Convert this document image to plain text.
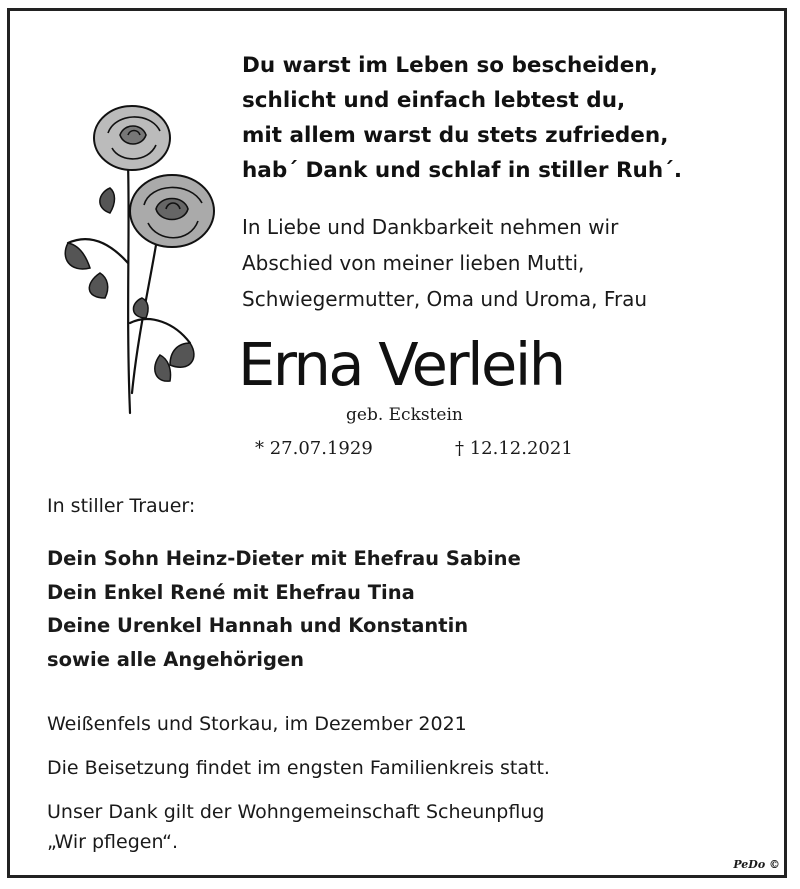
Du warst im Leben so bescheiden,
schlicht und einfach lebtest du,
mit allem warst du stets zufrieden,
hab´ Dank und schlaf in stiller Ruh´.
In Liebe und Dankbarkeit nehmen wir
Abschied von meiner lieben Mutti,
Schwiegermutter, Oma und Uroma, Frau
Erna Verleih
geb. Eckstein
* 27.07.1929	† 12.12.2021
In stiller Trauer:
Dein Sohn Heinz-Dieter mit Ehefrau Sabine
Dein Enkel René mit Ehefrau Tina
Deine Urenkel Hannah und Konstantin
sowie alle Angehörigen
Weißenfels und Storkau, im Dezember 2021
Die Beisetzung findet im engsten Familienkreis statt.
Unser Dank gilt der Wohngemeinschaft Scheunpflug
„Wir pflegen“.
PeDo ©
